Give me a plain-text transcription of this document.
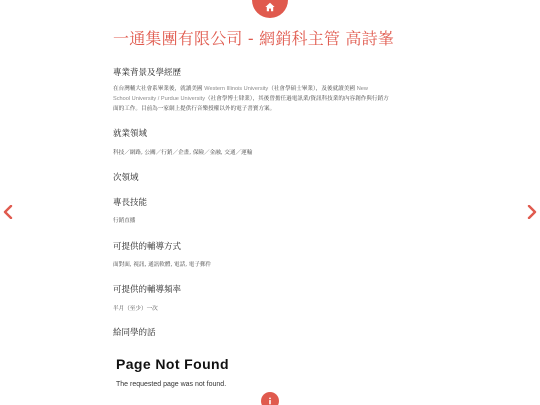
一通集團有限公司 - 網銷科主管 高詩峯
專業背景及學經歷
在台灣輔大社會系畢業後，就讀美國 Western Illinois University（社會學碩士畢業），及後就讀美國 New
School University / Purdue University（社會學博士肄業），其後曾擔任過電訊業/資訊科技業的內容創作與行銷方
面的工作。目前為一家網上提供行音樂授權以外的電子書寶方案。
就業領域
科技／網路, 公關／行銷／企畫, 保險／金融, 交通／運輸
次領域
專長技能
行銷直播
可提供的輔導方式
面對面, 視訊, 通訊軟體, 電話, 電子郵件
可提供的輔導頻率
半月（至少）一次
給同學的話
Page Not Found
The requested page was not found.
